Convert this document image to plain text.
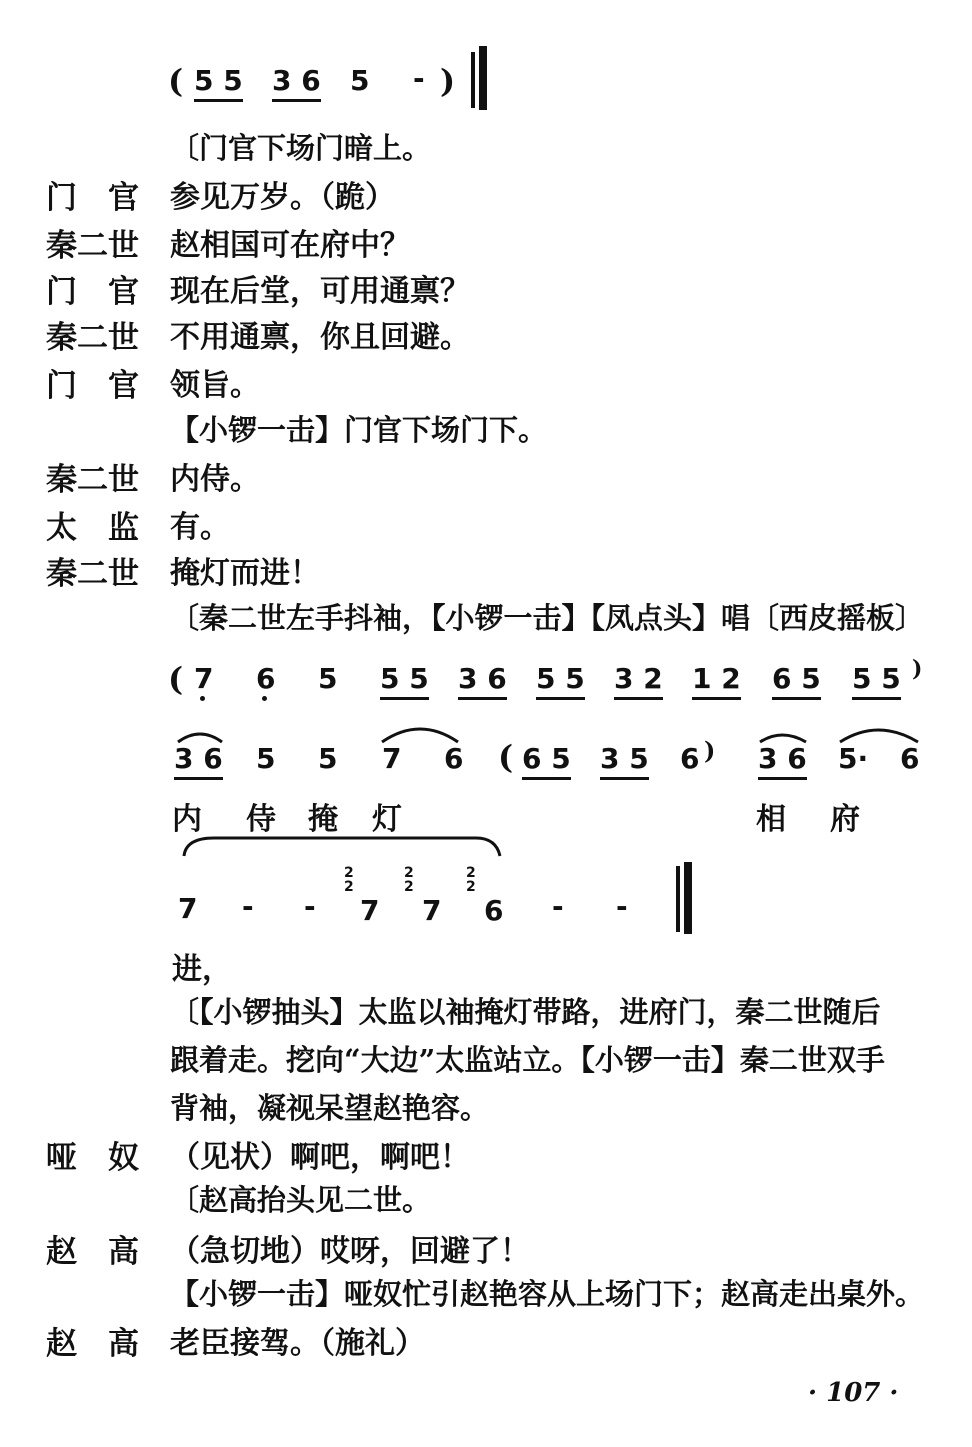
( 5 5 3 6 5 - )
〔门官下场门暗上。
门　官 参见万岁。（跪）
秦二世 赵相国可在府中？
门　官 现在后堂，可用通禀？
秦二世 不用通禀，你且回避。
门　官 领旨。
【小锣一击】门官下场门下。
秦二世 内侍。
太　监 有。
秦二世 掩灯而进！
〔秦二世左手抖袖，【小锣一击】【凤点头】唱〔西皮摇板〕
( 7 6 5 5 5 3 6 5 5 3 2 1 2 6 5 5 5 )
3 6 5 5 7 6 ( 6 5 3 5 6 ) 3 6 5· 6
内 侍 掩 灯	相 府
7 - -
2
2
7
2
2
7
2
2
6 - -
进，
〔【小锣抽头】太监以袖掩灯带路，进府门，秦二世随后
跟着走。挖向“大边”太监站立。【小锣一击】秦二世双手
背袖，凝视呆望赵艳容。
哑　奴 （见状）啊吧，啊吧！
〔赵高抬头见二世。
赵　高 （急切地）哎呀，回避了！
【小锣一击】哑奴忙引赵艳容从上场门下；赵高走出桌外。
赵　高 老臣接驾。（施礼）
· 107 ·
